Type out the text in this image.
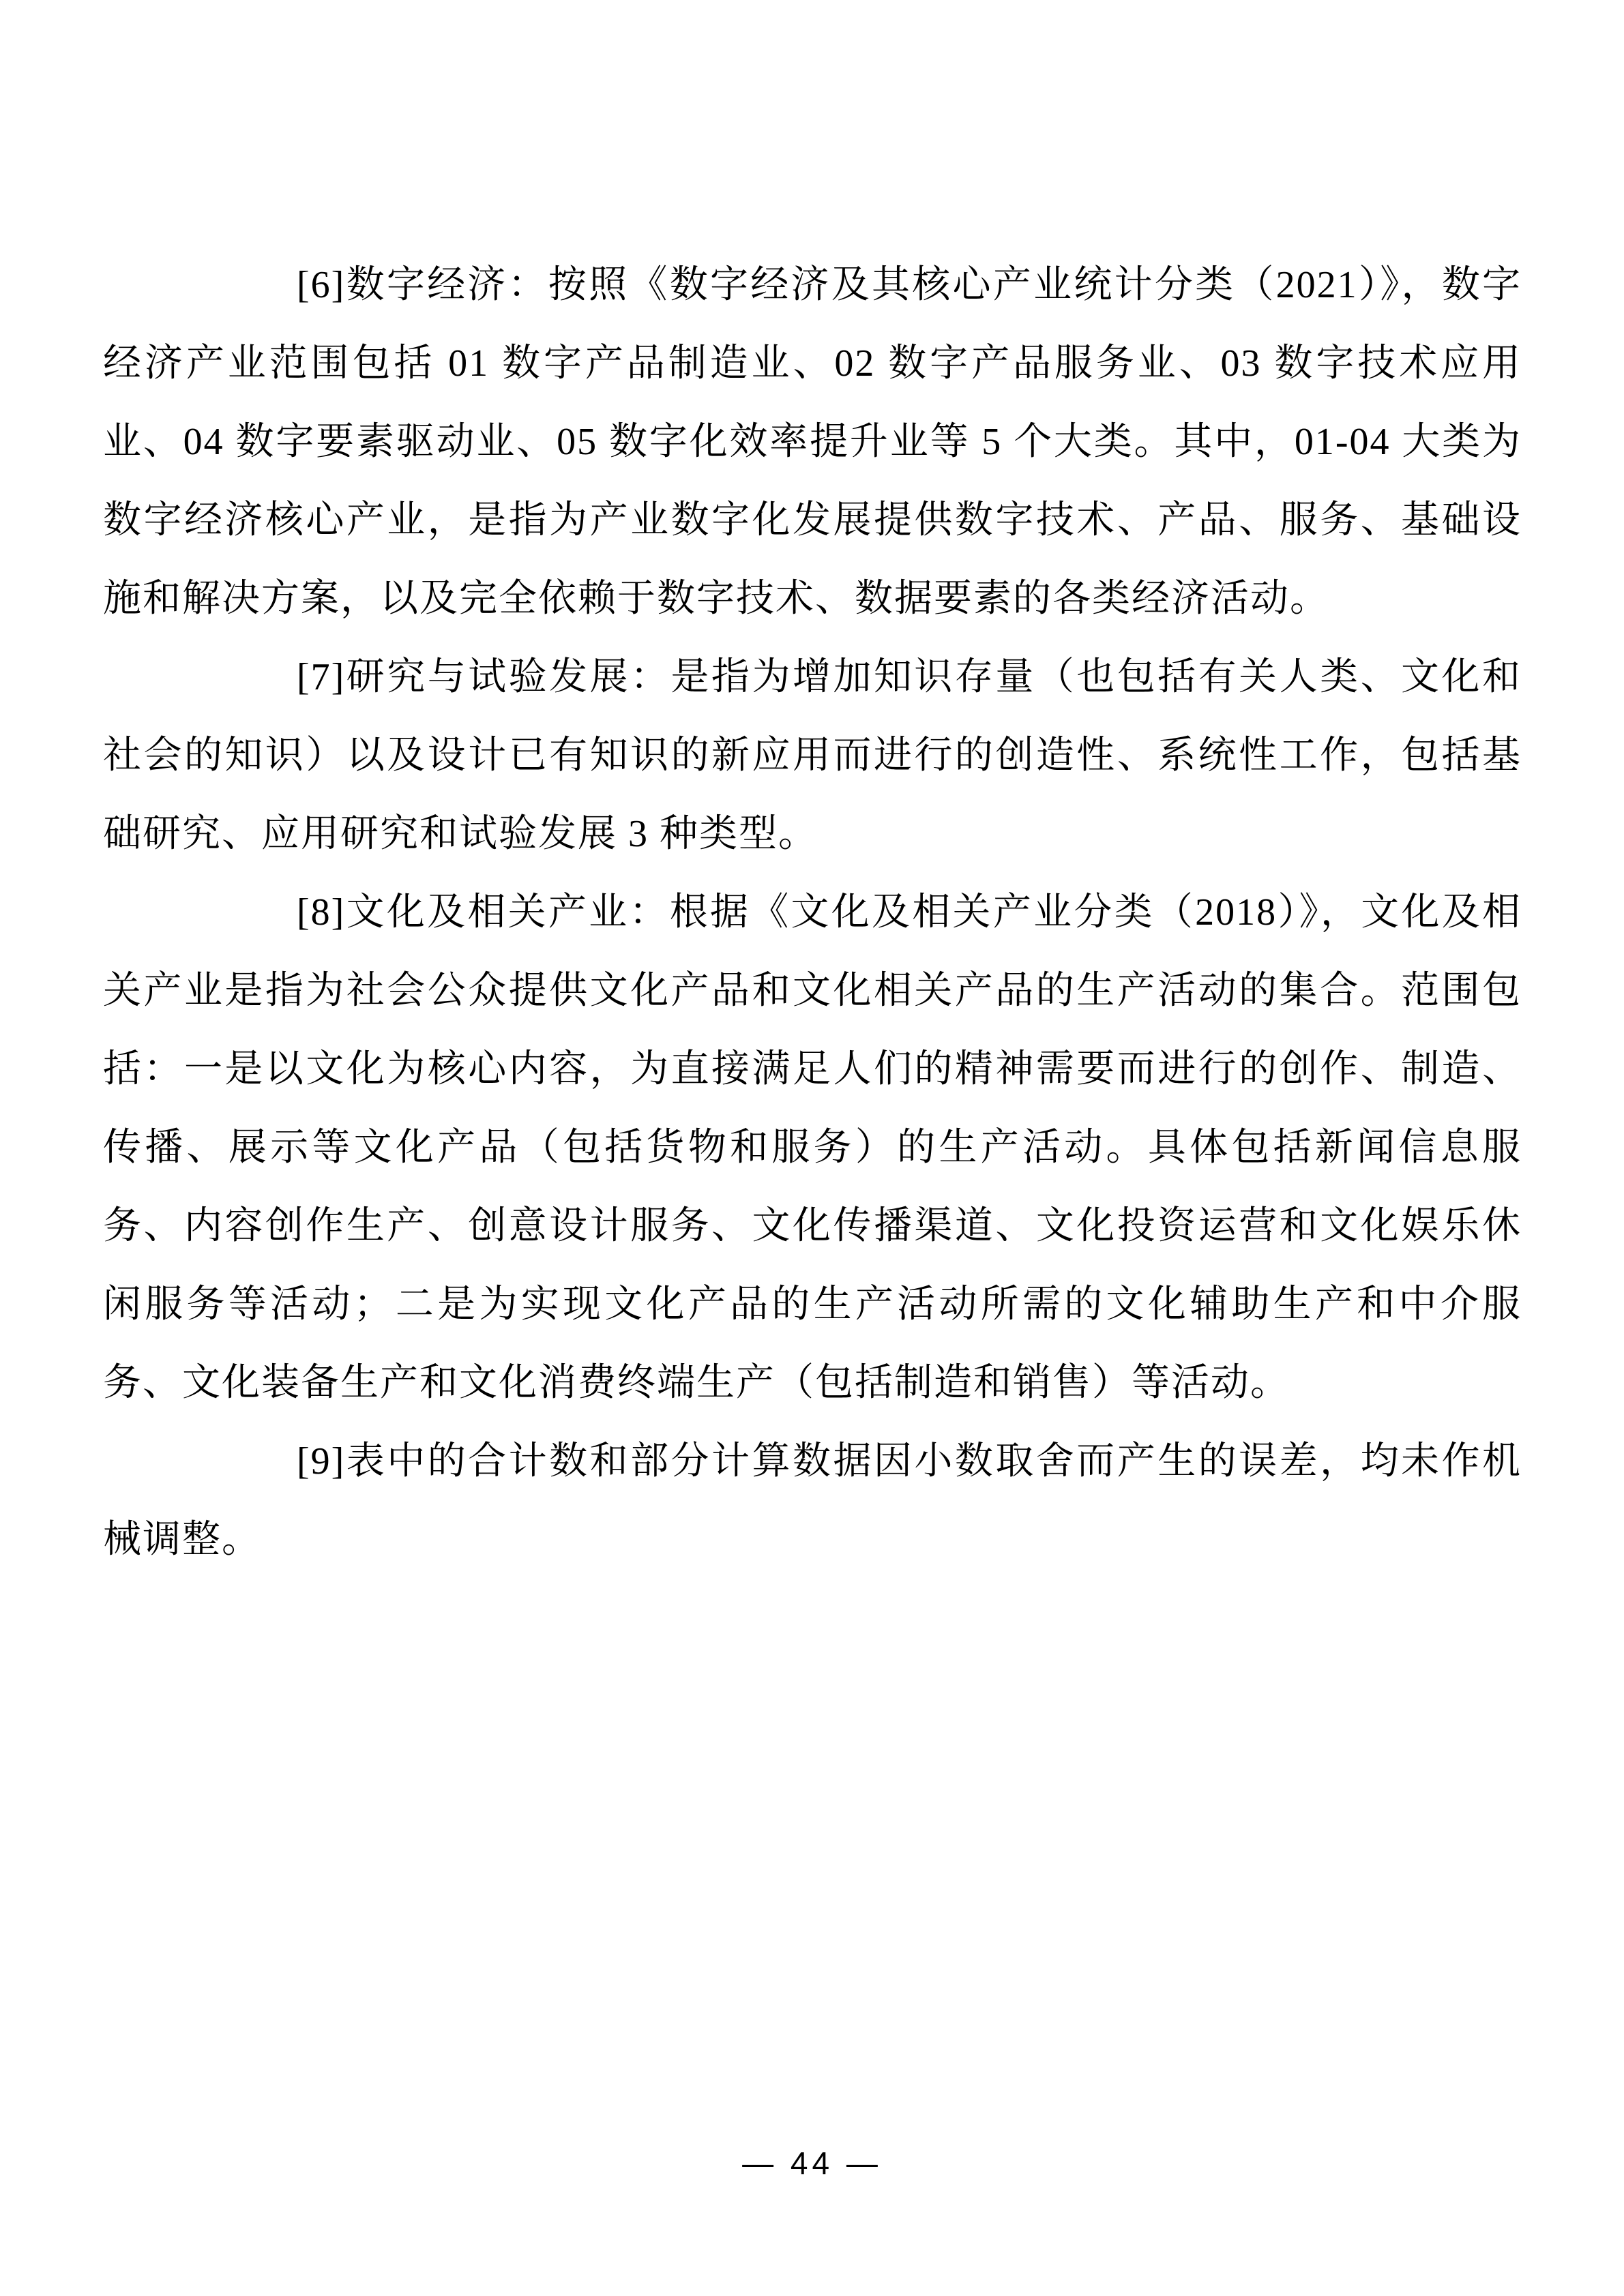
[6]数字经济：按照《数字经济及其核心产业统计分类（2021）》，数字经济产业范围包括 01 数字产品制造业、02 数字产品服务业、03 数字技术应用业、04 数字要素驱动业、05 数字化效率提升业等 5 个大类。其中，01-04 大类为数字经济核心产业，是指为产业数字化发展提供数字技术、产品、服务、基础设施和解决方案，以及完全依赖于数字技术、数据要素的各类经济活动。

[7]研究与试验发展：是指为增加知识存量（也包括有关人类、文化和社会的知识）以及设计已有知识的新应用而进行的创造性、系统性工作，包括基础研究、应用研究和试验发展 3 种类型。

[8]文化及相关产业：根据《文化及相关产业分类（2018）》，文化及相关产业是指为社会公众提供文化产品和文化相关产品的生产活动的集合。范围包括：一是以文化为核心内容，为直接满足人们的精神需要而进行的创作、制造、传播、展示等文化产品（包括货物和服务）的生产活动。具体包括新闻信息服务、内容创作生产、创意设计服务、文化传播渠道、文化投资运营和文化娱乐休闲服务等活动；二是为实现文化产品的生产活动所需的文化辅助生产和中介服务、文化装备生产和文化消费终端生产（包括制造和销售）等活动。

[9]表中的合计数和部分计算数据因小数取舍而产生的误差，均未作机械调整。

— 44 —
